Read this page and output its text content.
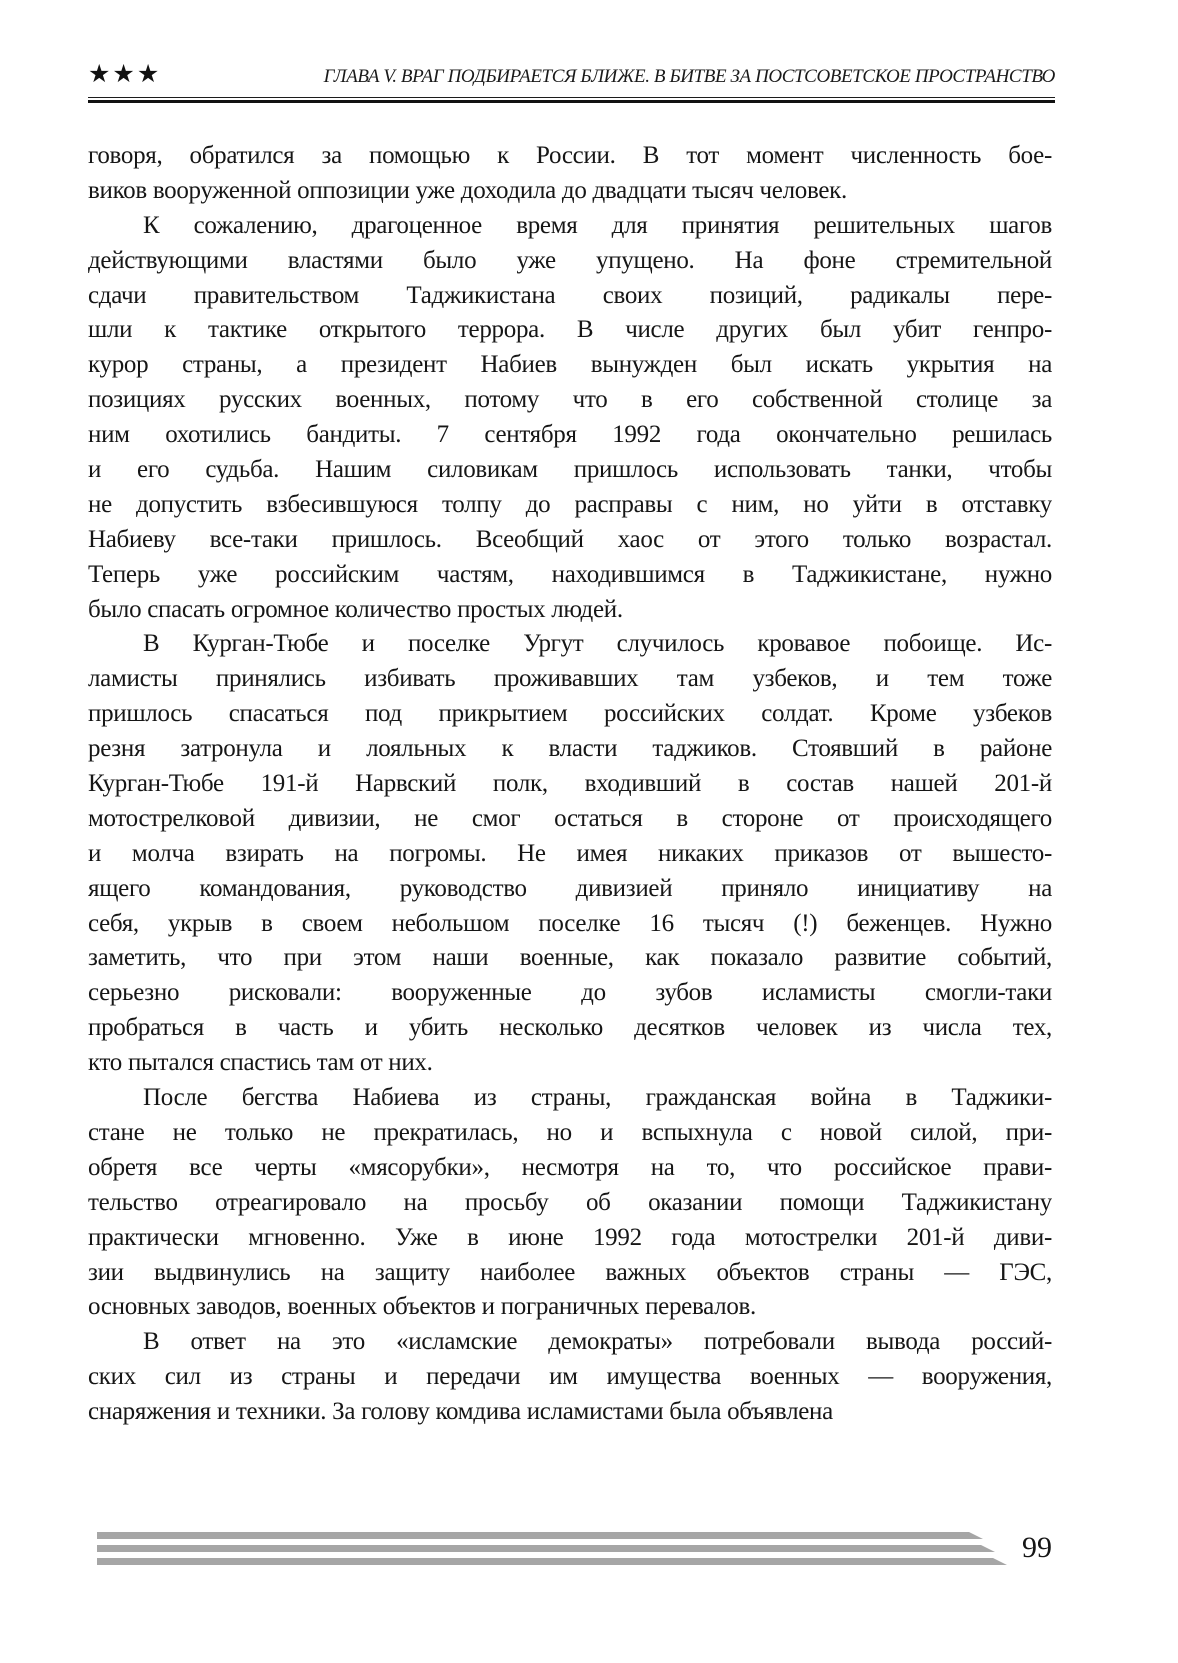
★★★	ГЛАВА V. ВРАГ ПОДБИРАЕТСЯ БЛИЖЕ. В БИТВЕ ЗА ПОСТСОВЕТСКОЕ ПРОСТРАНСТВО
говоря, обратился за помощью к России. В тот момент численность бое-
виков вооруженной оппозиции уже доходила до двадцати тысяч человек.
К сожалению, драгоценное время для принятия решительных шагов
действующими властями было уже упущено. На фоне стремительной
сдачи правительством Таджикистана своих позиций, радикалы пере-
шли к тактике открытого террора. В числе других был убит генпро-
курор страны, а президент Набиев вынужден был искать укрытия на
позициях русских военных, потому что в его собственной столице за
ним охотились бандиты. 7 сентября 1992 года окончательно решилась
и его судьба. Нашим силовикам пришлось использовать танки, чтобы
не допустить взбесившуюся толпу до расправы с ним, но уйти в отставку
Набиеву все-таки пришлось. Всеобщий хаос от этого только возрастал.
Теперь уже российским частям, находившимся в Таджикистане, нужно
было спасать огромное количество простых людей.
В Курган-Тюбе и поселке Ургут случилось кровавое побоище. Ис-
ламисты принялись избивать проживавших там узбеков, и тем тоже
пришлось спасаться под прикрытием российских солдат. Кроме узбеков
резня затронула и лояльных к власти таджиков. Стоявший в районе
Курган-Тюбе 191-й Нарвский полк, входивший в состав нашей 201-й
мотострелковой дивизии, не смог остаться в стороне от происходящего
и молча взирать на погромы. Не имея никаких приказов от вышесто-
ящего командования, руководство дивизией приняло инициативу на
себя, укрыв в своем небольшом поселке 16 тысяч (!) беженцев. Нужно
заметить, что при этом наши военные, как показало развитие событий,
серьезно рисковали: вооруженные до зубов исламисты смогли-таки
пробраться в часть и убить несколько десятков человек из числа тех,
кто пытался спастись там от них.
После бегства Набиева из страны, гражданская война в Таджики-
стане не только не прекратилась, но и вспыхнула с новой силой, при-
обретя все черты «мясорубки», несмотря на то, что российское прави-
тельство отреагировало на просьбу об оказании помощи Таджикистану
практически мгновенно. Уже в июне 1992 года мотострелки 201-й диви-
зии выдвинулись на защиту наиболее важных объектов страны — ГЭС,
основных заводов, военных объектов и пограничных перевалов.
В ответ на это «исламские демократы» потребовали вывода россий-
ских сил из страны и передачи им имущества военных — вооружения,
снаряжения и техники. За голову комдива исламистами была объявлена
99
